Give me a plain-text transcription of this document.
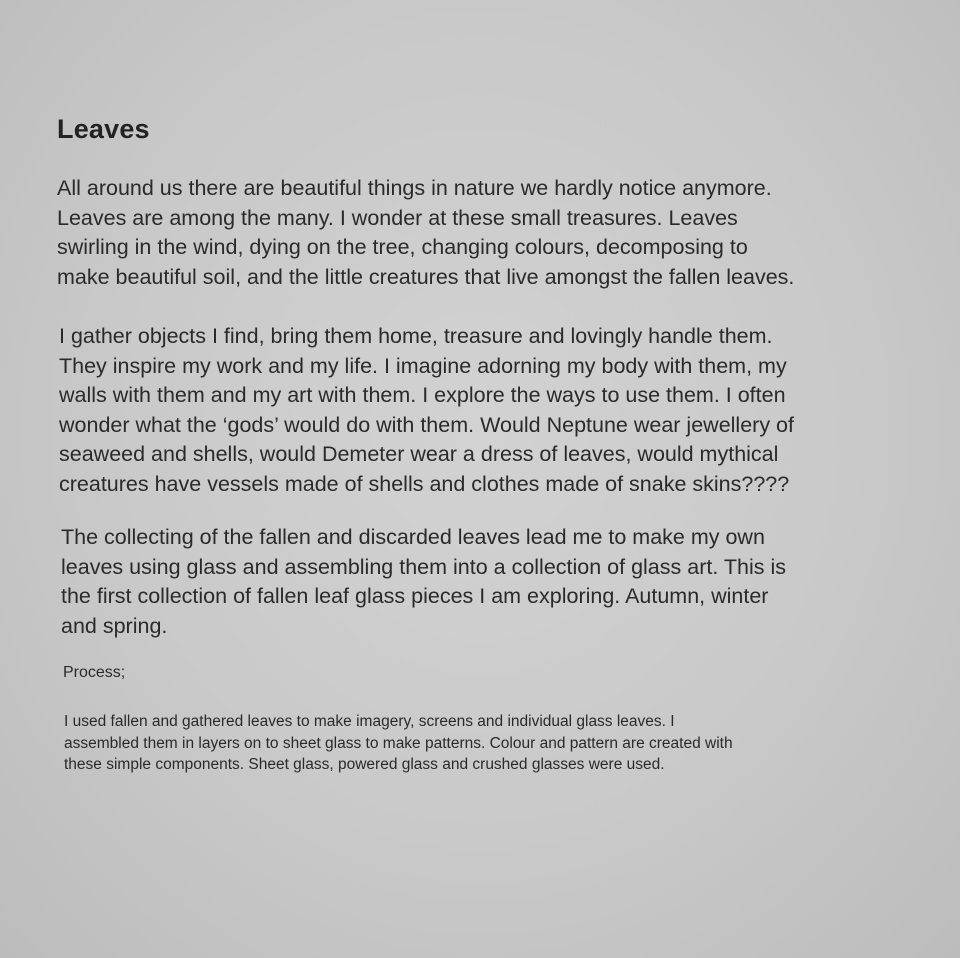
Leaves

All around us there are beautiful things in nature we hardly notice anymore.
Leaves are among the many. I wonder at these small treasures. Leaves
swirling in the wind, dying on the tree, changing colours, decomposing to
make beautiful soil, and the little creatures that live amongst the fallen leaves.

I gather objects I find, bring them home, treasure and lovingly handle them.
They inspire my work and my life. I imagine adorning my body with them, my
walls with them and my art with them. I explore the ways to use them. I often
wonder what the ‘gods’ would do with them. Would Neptune wear jewellery of
seaweed and shells, would Demeter wear a dress of leaves, would mythical
creatures have vessels made of shells and clothes made of snake skins????

The collecting of the fallen and discarded leaves lead me to make my own
leaves using glass and assembling them into a collection of glass art. This is
the first collection of fallen leaf glass pieces I am exploring. Autumn, winter
and spring.

Process;

I used fallen and gathered leaves to make imagery, screens and individual glass leaves. I
assembled them in layers on to sheet glass to make patterns. Colour and pattern are created with
these simple components. Sheet glass, powered glass and crushed glasses were used.
